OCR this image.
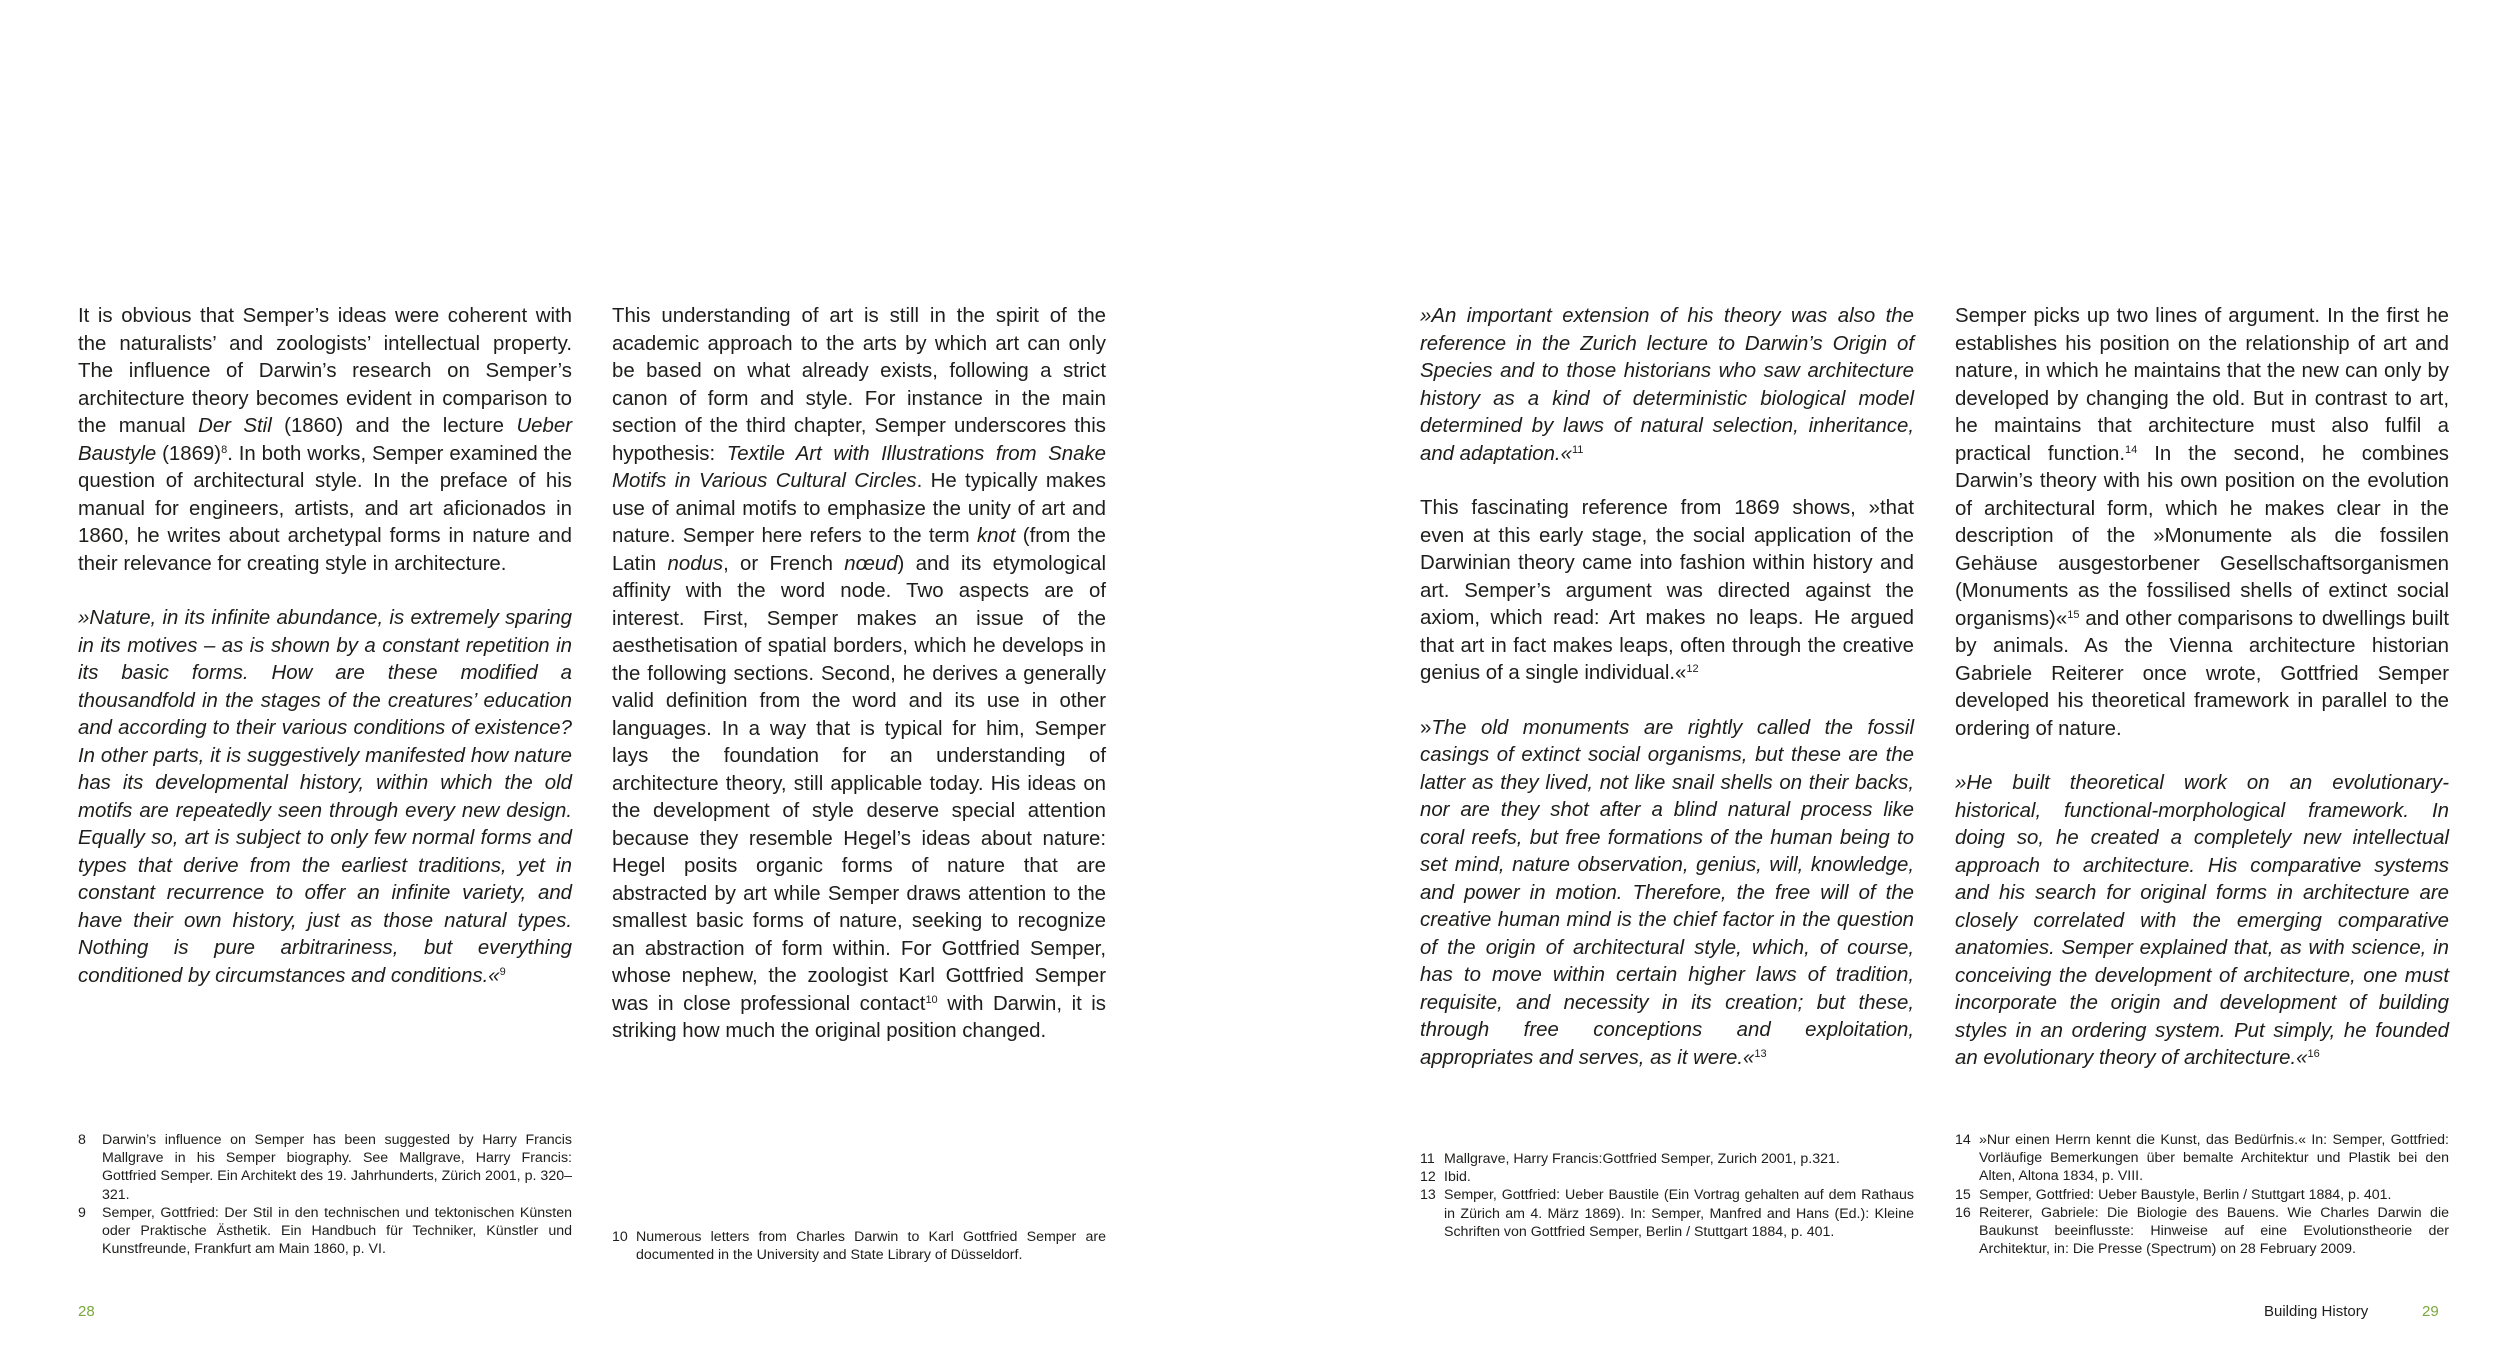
It is obvious that Semper’s ideas were coherent with the naturalists’ and zoologists’ intellectual property. The influence of Darwin’s research on Semper’s architecture theory becomes evident in comparison to the manual Der Stil (1860) and the lecture Ueber Baustyle (1869)$^8$. In both works, Semper examined the question of architectural style. In the preface of his manual for engineers, artists, and art aficionados in 1860, he writes about archetypal forms in nature and their relevance for creating style in architecture.

»Nature, in its infinite abundance, is extremely sparing in its motives – as is shown by a constant repetition in its basic forms. How are these modified a thousandfold in the stages of the creatures’ education and according to their various conditions of existence? In other parts, it is suggestively manifested how nature has its developmental history, within which the old motifs are repeatedly seen through every new design. Equally so, art is subject to only few normal forms and types that derive from the earliest traditions, yet in constant recurrence to offer an infinite variety, and have their own history, just as those natural types. Nothing is pure arbitrariness, but everything conditioned by circumstances and conditions.«$^9$

This understanding of art is still in the spirit of the academic approach to the arts by which art can only be based on what already exists, following a strict canon of form and style. For instance in the main section of the third chapter, Semper underscores this hypothesis: Textile Art with Illustrations from Snake Motifs in Various Cultural Circles. He typically makes use of animal motifs to emphasize the unity of art and nature. Semper here refers to the term knot (from the Latin nodus, or French nœud) and its etymological affinity with the word node. Two aspects are of interest. First, Semper makes an issue of the aesthetisation of spatial borders, which he develops in the following sections. Second, he derives a generally valid definition from the word and its use in other languages. In a way that is typical for him, Semper lays the foundation for an understanding of architecture theory, still applicable today. His ideas on the development of style deserve special attention because they resemble Hegel’s ideas about nature: Hegel posits organic forms of nature that are abstracted by art while Semper draws attention to the smallest basic forms of nature, seeking to recognize an abstraction of form within. For Gottfried Semper, whose nephew, the zoologist Karl Gottfried Semper was in close professional contact$^{10}$ with Darwin, it is striking how much the original position changed.

8	Darwin’s influence on Semper has been suggested by Harry Francis Mallgrave in his Semper biography. See Mallgrave, Harry Francis: Gottfried Semper. Ein Architekt des 19. Jahrhunderts, Zürich 2001, p. 320–321.
9	Semper, Gottfried: Der Stil in den technischen und tektonischen Künsten oder Praktische Ästhetik. Ein Handbuch für Techniker, Künstler und Kunstfreunde, Frankfurt am Main 1860, p. VI.
10 Numerous letters from Charles Darwin to Karl Gottfried Semper are documented in the University and State Library of Düsseldorf.
28

»An important extension of his theory was also the reference in the Zurich lecture to Darwin’s Origin of Species and to those historians who saw architecture history as a kind of deterministic biological model determined by laws of natural selection, inheritance, and adaptation.«$^{11}$

This fascinating reference from 1869 shows, »that even at this early stage, the social application of the Darwinian theory came into fashion within history and art. Semper’s argument was directed against the axiom, which read: Art makes no leaps. He argued that art in fact makes leaps, often through the creative genius of a single individual.«$^{12}$

»The old monuments are rightly called the fossil casings of extinct social organisms, but these are the latter as they lived, not like snail shells on their backs, nor are they shot after a blind natural process like coral reefs, but free formations of the human being to set mind, nature observation, genius, will, knowledge, and power in motion. Therefore, the free will of the creative human mind is the chief factor in the question of the origin of architectural style, which, of course, has to move within certain higher laws of tradition, requisite, and necessity in its creation; but these, through free conceptions and exploitation, appropriates and serves, as it were.«$^{13}$

Semper picks up two lines of argument. In the first he establishes his position on the relationship of art and nature, in which he maintains that the new can only by developed by changing the old. But in contrast to art, he maintains that architecture must also fulfil a practical function.$^{14}$ In the second, he combines Darwin’s theory with his own position on the evolution of architectural form, which he makes clear in the description of the »Monumente als die fossilen Gehäuse ausgestorbener Gesellschaftsorganismen (Monuments as the fossilised shells of extinct social organisms)«$^{15}$ and other comparisons to dwellings built by animals. As the Vienna architecture historian Gabriele Reiterer once wrote, Gottfried Semper developed his theoretical framework in parallel to the ordering of nature.

»He built theoretical work on an evolutionary-historical, functional-morphological framework. In doing so, he created a completely new intellectual approach to architecture. His comparative systems and his search for original forms in architecture are closely correlated with the emerging comparative anatomies. Semper explained that, as with science, in conceiving the development of architecture, one must incorporate the origin and development of building styles in an ordering system. Put simply, he founded an evolutionary theory of architecture.«$^{16}$

11 Mallgrave, Harry Francis:Gottfried Semper, Zurich 2001, p.321.
12 Ibid.
13 Semper, Gottfried: Ueber Baustile (Ein Vortrag gehalten auf dem Rathaus in Zürich am 4. März 1869). In: Semper, Manfred and Hans (Ed.): Kleine Schriften von Gottfried Semper, Berlin / Stuttgart 1884, p. 401.
14 »Nur einen Herrn kennt die Kunst, das Bedürfnis.« In: Semper, Gottfried: Vorläufige Bemerkungen über bemalte Architektur und Plastik bei den Alten, Altona 1834, p. VIII.
15 Semper, Gottfried: Ueber Baustyle, Berlin / Stuttgart 1884, p. 401.
16 Reiterer, Gabriele: Die Biologie des Bauens. Wie Charles Darwin die Baukunst beeinflusste: Hinweise auf eine Evolutionstheorie der Architektur, in: Die Presse (Spectrum) on 28 February 2009.
Building History	29
